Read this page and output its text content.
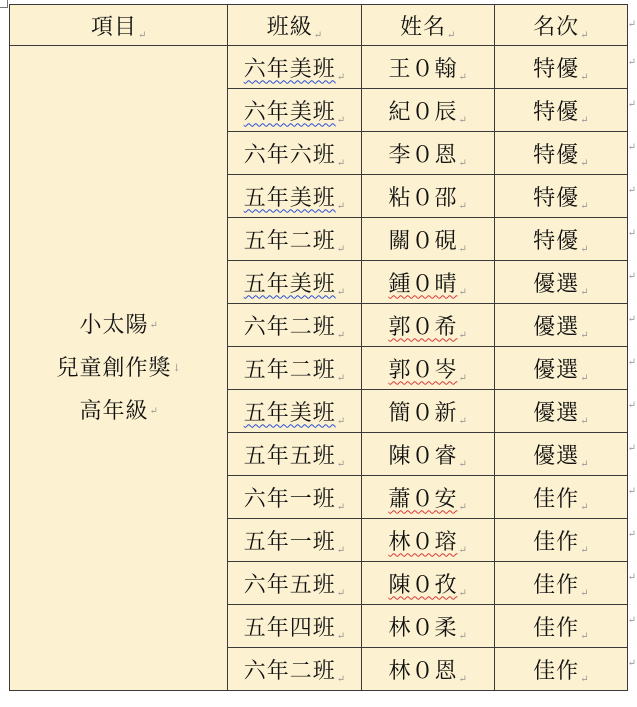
項目↵	班級↵	姓名↵	名次↵

小太陽↵
兒童創作獎↓
高年級↵	六年美班↵	王０翰↵	特優↵
	六年美班↵	紀０辰↵	特優↵
	六年六班↵	李０恩↵	特優↵
	五年美班↵	粘０邵↵	特優↵
	五年二班↵	關０硯↵	特優↵
	五年美班↵	鍾０晴↵	優選↵
	六年二班↵	郭０希↵	優選↵
	五年二班↵	郭０岑↵	優選↵
	五年美班↵	簡０新↵	優選↵
	五年五班↵	陳０睿↵	優選↵
	六年一班↵	蕭０安↵	佳作↵
	五年一班↵	林０瑢↵	佳作↵
	六年五班↵	陳０孜↵	佳作↵
	五年四班↵	林０柔↵	佳作↵
	六年二班↵	林０恩↵	佳作↵
↵
↵
↵
↵
↵
↵
↵
↵
↵
↵
↵
↵
↵
↵
↵
↵
